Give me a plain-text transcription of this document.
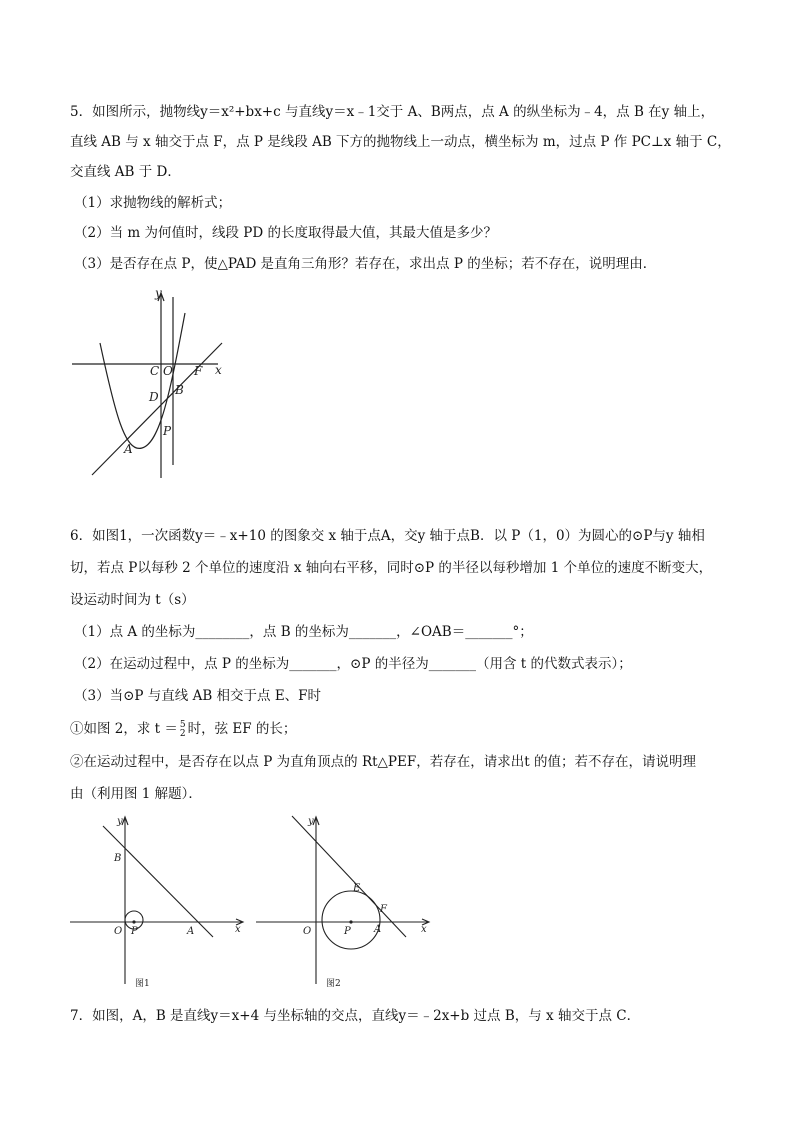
5．如图所示，抛物线y＝x²+bx+c 与直线y＝x﹣1交于 A、B两点，点 A 的纵坐标为﹣4，点 B 在y 轴上，
直线 AB 与 x 轴交于点 F，点 P 是线段 AB 下方的抛物线上一动点，横坐标为 m，过点 P 作 PC⊥x 轴于 C，
交直线 AB 于 D．
（1）求抛物线的解析式；
（2）当 m 为何值时，线段 PD 的长度取得最大值，其最大值是多少？
（3）是否存在点 P，使△PAD 是直角三角形？若存在，求出点 P 的坐标；若不存在，说明理由．
y
x
C O F
D B
P
A
6．如图1，一次函数y＝﹣x+10 的图象交 x 轴于点A，交y 轴于点B．以 P（1，0）为圆心的⊙P与y 轴相
切，若点 P以每秒 2 个单位的速度沿 x 轴向右平移，同时⊙P 的半径以每秒增加 1 个单位的速度不断变大，
设运动时间为 t（s）
（1）点 A 的坐标为________，点 B 的坐标为_______，∠OAB＝_______°；
（2）在运动过程中，点 P 的坐标为_______，⊙P 的半径为_______（用含 t 的代数式表示）；
（3）当⊙P 与直线 AB 相交于点 E、F时
①如图 2，求 t ＝ 5
2 时，弦 EF 的长；
②在运动过程中，是否存在以点 P 为直角顶点的 Rt△PEF，若存在，请求出t 的值；若不存在，请说明理
由（利用图 1 解题）．
y
x
B
O P	A
图1
y
x
E
F
O	P A
图2
7．如图，A，B 是直线y＝x+4 与坐标轴的交点，直线y＝﹣2x+b 过点 B，与 x 轴交于点 C．
